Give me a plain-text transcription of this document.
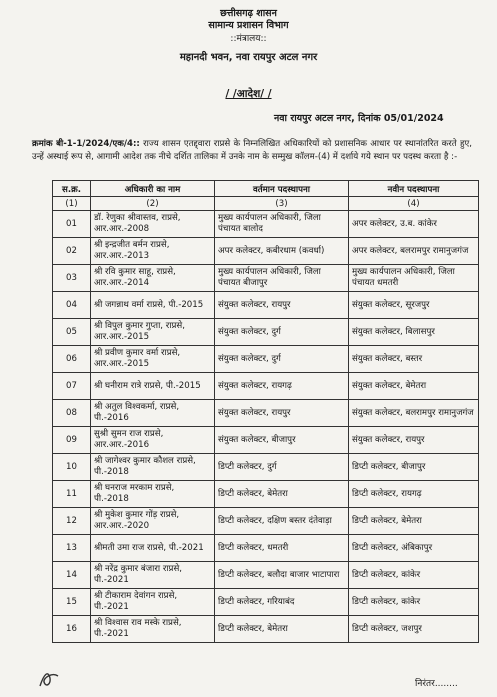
छत्तीसगढ़ शासन
सामान्य प्रशासन विभाग
::मंत्रालय::
महानदी भवन, नवा रायपुर अटल नगर
/ /आदेश/ /
नवा रायपुर अटल नगर, दिनांक 05/01/2024
क्रमांक बी-1-1/2024/एक/4:: राज्य शासन एतद्द्वारा राप्रसे के निम्नलिखित अधिकारियों को प्रशासनिक आधार पर स्थानांतरित करते हुए, उन्हें अस्थाई रूप से, आगामी आदेश तक नीचे दर्शित तालिका में उनके नाम के सम्मुख कॉलम-(4) में दर्शाये गये स्थान पर पदस्थ करता है :-
स.क्र.	अधिकारी का नाम	वर्तमान पदस्थापना	नवीन पदस्थापना
(1)	(2)	(3)	(4)
01	डॉ. रेणुका श्रीवास्तव, राप्रसे, आर.आर.-2008	मुख्य कार्यपालन अधिकारी, जिला पंचायत बालोद	अपर कलेक्टर, उ.ब. कांकेर
02	श्री इन्द्रजीत बर्मन राप्रसे, आर.आर.-2013	अपर कलेक्टर, कबीरधाम (कवर्धा)	अपर कलेक्टर, बलरामपुर रामानुजगंज
03	श्री रवि कुमार साहू, राप्रसे, आर.आर.-2014	मुख्य कार्यपालन अधिकारी, जिला पंचायत बीजापुर	मुख्य कार्यपालन अधिकारी, जिला पंचायत धमतरी
04	श्री जगन्नाथ वर्मा राप्रसे, पी.-2015	संयुक्त कलेक्टर, रायपुर	संयुक्त कलेक्टर, सूरजपुर
05	श्री विपुल कुमार गुप्ता, राप्रसे, आर.आर.-2015	संयुक्त कलेक्टर, दुर्ग	संयुक्त कलेक्टर, बिलासपुर
06	श्री प्रवीण कुमार वर्मा राप्रसे, आर.आर.-2015	संयुक्त कलेक्टर, दुर्ग	संयुक्त कलेक्टर, बस्तर
07	श्री घनीराम रात्रे राप्रसे, पी.-2015	संयुक्त कलेक्टर, रायगढ़	संयुक्त कलेक्टर, बेमेतरा
08	श्री अतुल विश्वकर्मा, राप्रसे, पी.-2016	संयुक्त कलेक्टर, रायपुर	संयुक्त कलेक्टर, बलरामपुर रामानुजगंज
09	सुश्री सुमन राज राप्रसे, आर.आर.-2016	संयुक्त कलेक्टर, बीजापुर	संयुक्त कलेक्टर, रायपुर
10	श्री जागेश्वर कुमार कौशल राप्रसे, पी.-2018	डिप्टी कलेक्टर, दुर्ग	डिप्टी कलेक्टर, बीजापुर
11	श्री घनराज मरकाम राप्रसे, पी.-2018	डिप्टी कलेक्टर, बेमेतरा	डिप्टी कलेक्टर, रायगढ़
12	श्री मुकेश कुमार गोंड़ राप्रसे, आर.आर.-2020	डिप्टी कलेक्टर, दक्षिण बस्तर दंतेवाड़ा	डिप्टी कलेक्टर, बेमेतरा
13	श्रीमती उमा राज राप्रसे, पी.-2021	डिप्टी कलेक्टर, धमतरी	डिप्टी कलेक्टर, अंबिकापुर
14	श्री नरेंद्र कुमार बंजारा राप्रसे, पी.-2021	डिप्टी कलेक्टर, बलौदा बाजार भाटापारा	डिप्टी कलेक्टर, कांकेर
15	श्री टीकाराम देवांगन राप्रसे, पी.-2021	डिप्टी कलेक्टर, गरियाबंद	डिप्टी कलेक्टर, कांकेर
16	श्री विश्वास राव मस्के राप्रसे, पी.-2021	डिप्टी कलेक्टर, बेमेतरा	डिप्टी कलेक्टर, जशपुर
निरंतर........
